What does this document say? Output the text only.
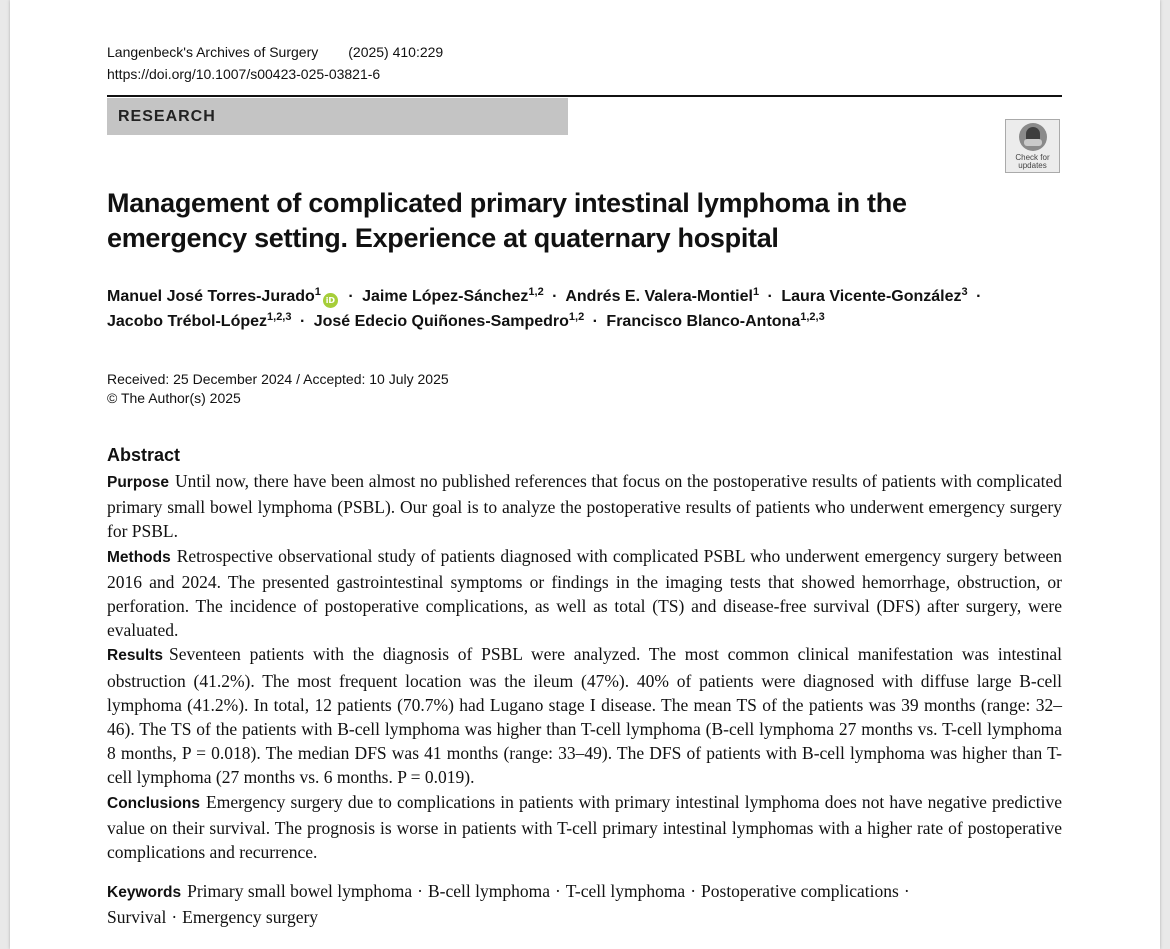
Langenbeck's Archives of Surgery (2025) 410:229
https://doi.org/10.1007/s00423-025-03821-6
RESEARCH
Check for
updates
Management of complicated primary intestinal lymphoma in the
emergency setting. Experience at quaternary hospital
Manuel José Torres-Jurado$^1$iD · Jaime López-Sánchez$^{1,2}$ · Andrés E. Valera-Montiel$^1$ · Laura Vicente-González$^3$ ·
Jacobo Trébol-López$^{1,2,3}$ · José Edecio Quiñones-Sampedro$^{1,2}$ · Francisco Blanco-Antona$^{1,2,3}$
Received: 25 December 2024 / Accepted: 10 July 2025
© The Author(s) 2025
Abstract

Purpose Until now, there have been almost no published references that focus on the postoperative results of patients with complicated primary small bowel lymphoma (PSBL). Our goal is to analyze the postoperative results of patients who underwent emergency surgery for PSBL.

Methods Retrospective observational study of patients diagnosed with complicated PSBL who underwent emergency surgery between 2016 and 2024. The presented gastrointestinal symptoms or findings in the imaging tests that showed hemorrhage, obstruction, or perforation. The incidence of postoperative complications, as well as total (TS) and disease-free survival (DFS) after surgery, were evaluated.

Results Seventeen patients with the diagnosis of PSBL were analyzed. The most common clinical manifestation was intestinal obstruction (41.2%). The most frequent location was the ileum (47%). 40% of patients were diagnosed with diffuse large B-cell lymphoma (41.2%). In total, 12 patients (70.7%) had Lugano stage I disease. The mean TS of the patients was 39 months (range: 32–46). The TS of the patients with B-cell lymphoma was higher than T-cell lymphoma (B-cell lymphoma 27 months vs. T-cell lymphoma 8 months, P = 0.018). The median DFS was 41 months (range: 33–49). The DFS of patients with B-cell lymphoma was higher than T-cell lymphoma (27 months vs. 6 months. P = 0.019).

Conclusions Emergency surgery due to complications in patients with primary intestinal lymphoma does not have negative predictive value on their survival. The prognosis is worse in patients with T-cell primary intestinal lymphomas with a higher rate of postoperative complications and recurrence.

Keywords Primary small bowel lymphoma · B-cell lymphoma · T-cell lymphoma · Postoperative complications ·
Survival · Emergency surgery
